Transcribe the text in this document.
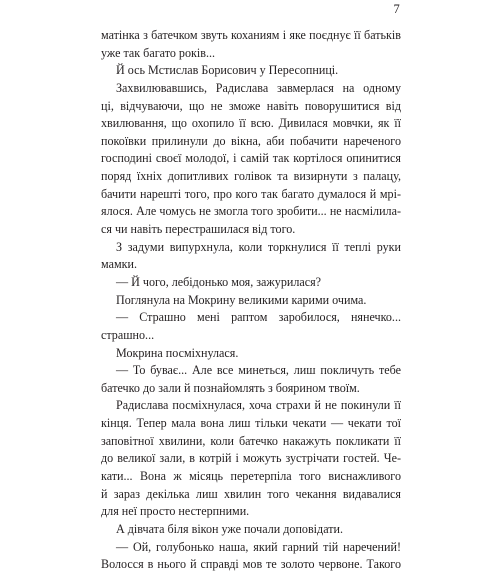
7
матінка з батечком звуть коханиям і яке поєднує її батьків
уже так багато років...
Й ось Мстислав Борисович у Пересопниці.
Захвилювавшись, Радислава завмерлася на одному
ці, відчуваючи, що не зможе навіть поворушитися від
хвилювання, що охопило її всю. Дивилася мовчки, як її
покоївки прилинули до вікна, аби побачити нареченого
господині своєї молодої, і самій так кортілося опинитися
поряд їхніх допитливих голівок та визирнути з палацу,
бачити нарешті того, про кого так багато думалося й мрі-
ялося. Але чомусь не змогла того зробити... не насмілила-
ся чи навіть перестрашилася від того.
З задуми випурхнула, коли торкнулися її теплі руки
мамки.
— Й чого, лебідонько моя, зажурилася?
Поглянула на Мокрину великими карими очима.
— Страшно мені раптом заробилося, нянечко...
страшно...
Мокрина посміхнулася.
— То буває... Але все минеться, лиш покличуть тебе
батечко до зали й познайомлять з боярином твоїм.
Радислава посміхнулася, хоча страхи й не покинули її
кінця. Тепер мала вона лиш тільки чекати — чекати тої
заповітної хвилини, коли батечко накажуть покликати її
до великої зали, в котрій і можуть зустрічати гостей. Че-
кати... Вона ж місяць перетерпіла того виснажливого
й зараз декілька лиш хвилин того чекання видавалися
для неї просто нестерпними.
А дівчата біля вікон уже почали доповідати.
— Ой, голубонько наша, який гарний тій наречений!
Волосся в нього й справді мов те золото червоне. Такого
